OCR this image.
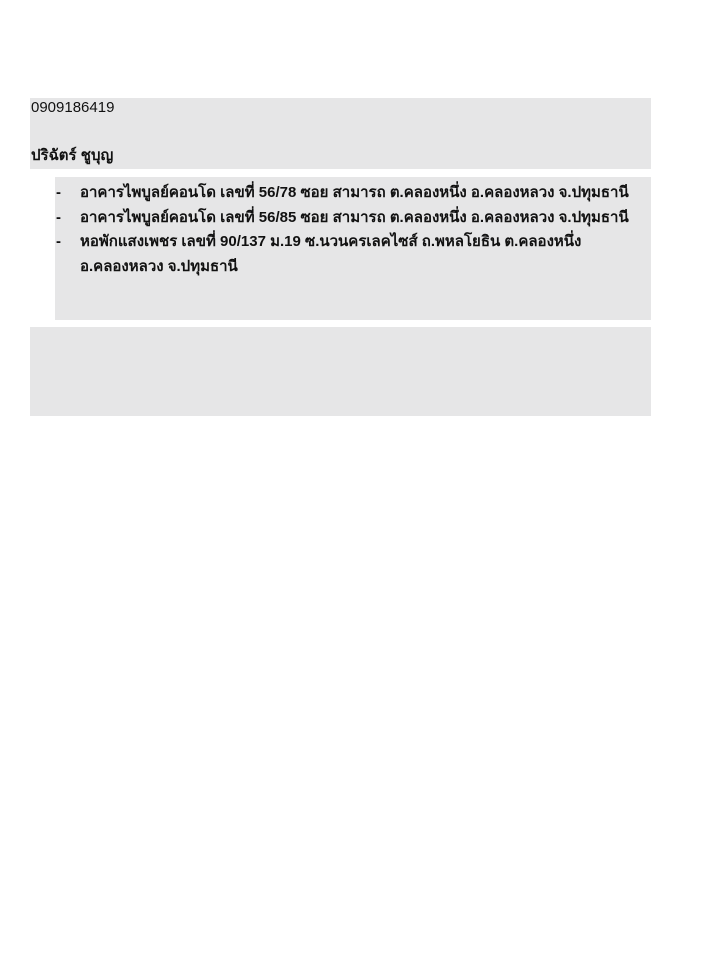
0909186419
ปริฉัตร์ ชูบุญ
-	อาคารไพบูลย์คอนโด เลขที่ 56/78 ซอย สามารถ ต.คลองหนึ่ง อ.คลองหลวง จ.ปทุมธานี
-	อาคารไพบูลย์คอนโด เลขที่ 56/85 ซอย สามารถ ต.คลองหนึ่ง อ.คลองหลวง จ.ปทุมธานี
-	หอพักแสงเพชร เลขที่ 90/137 ม.19 ซ.นวนครเลคไซส์ ถ.พหลโยธิน ต.คลองหนึ่ง อ.คลองหลวง จ.ปทุมธานี
